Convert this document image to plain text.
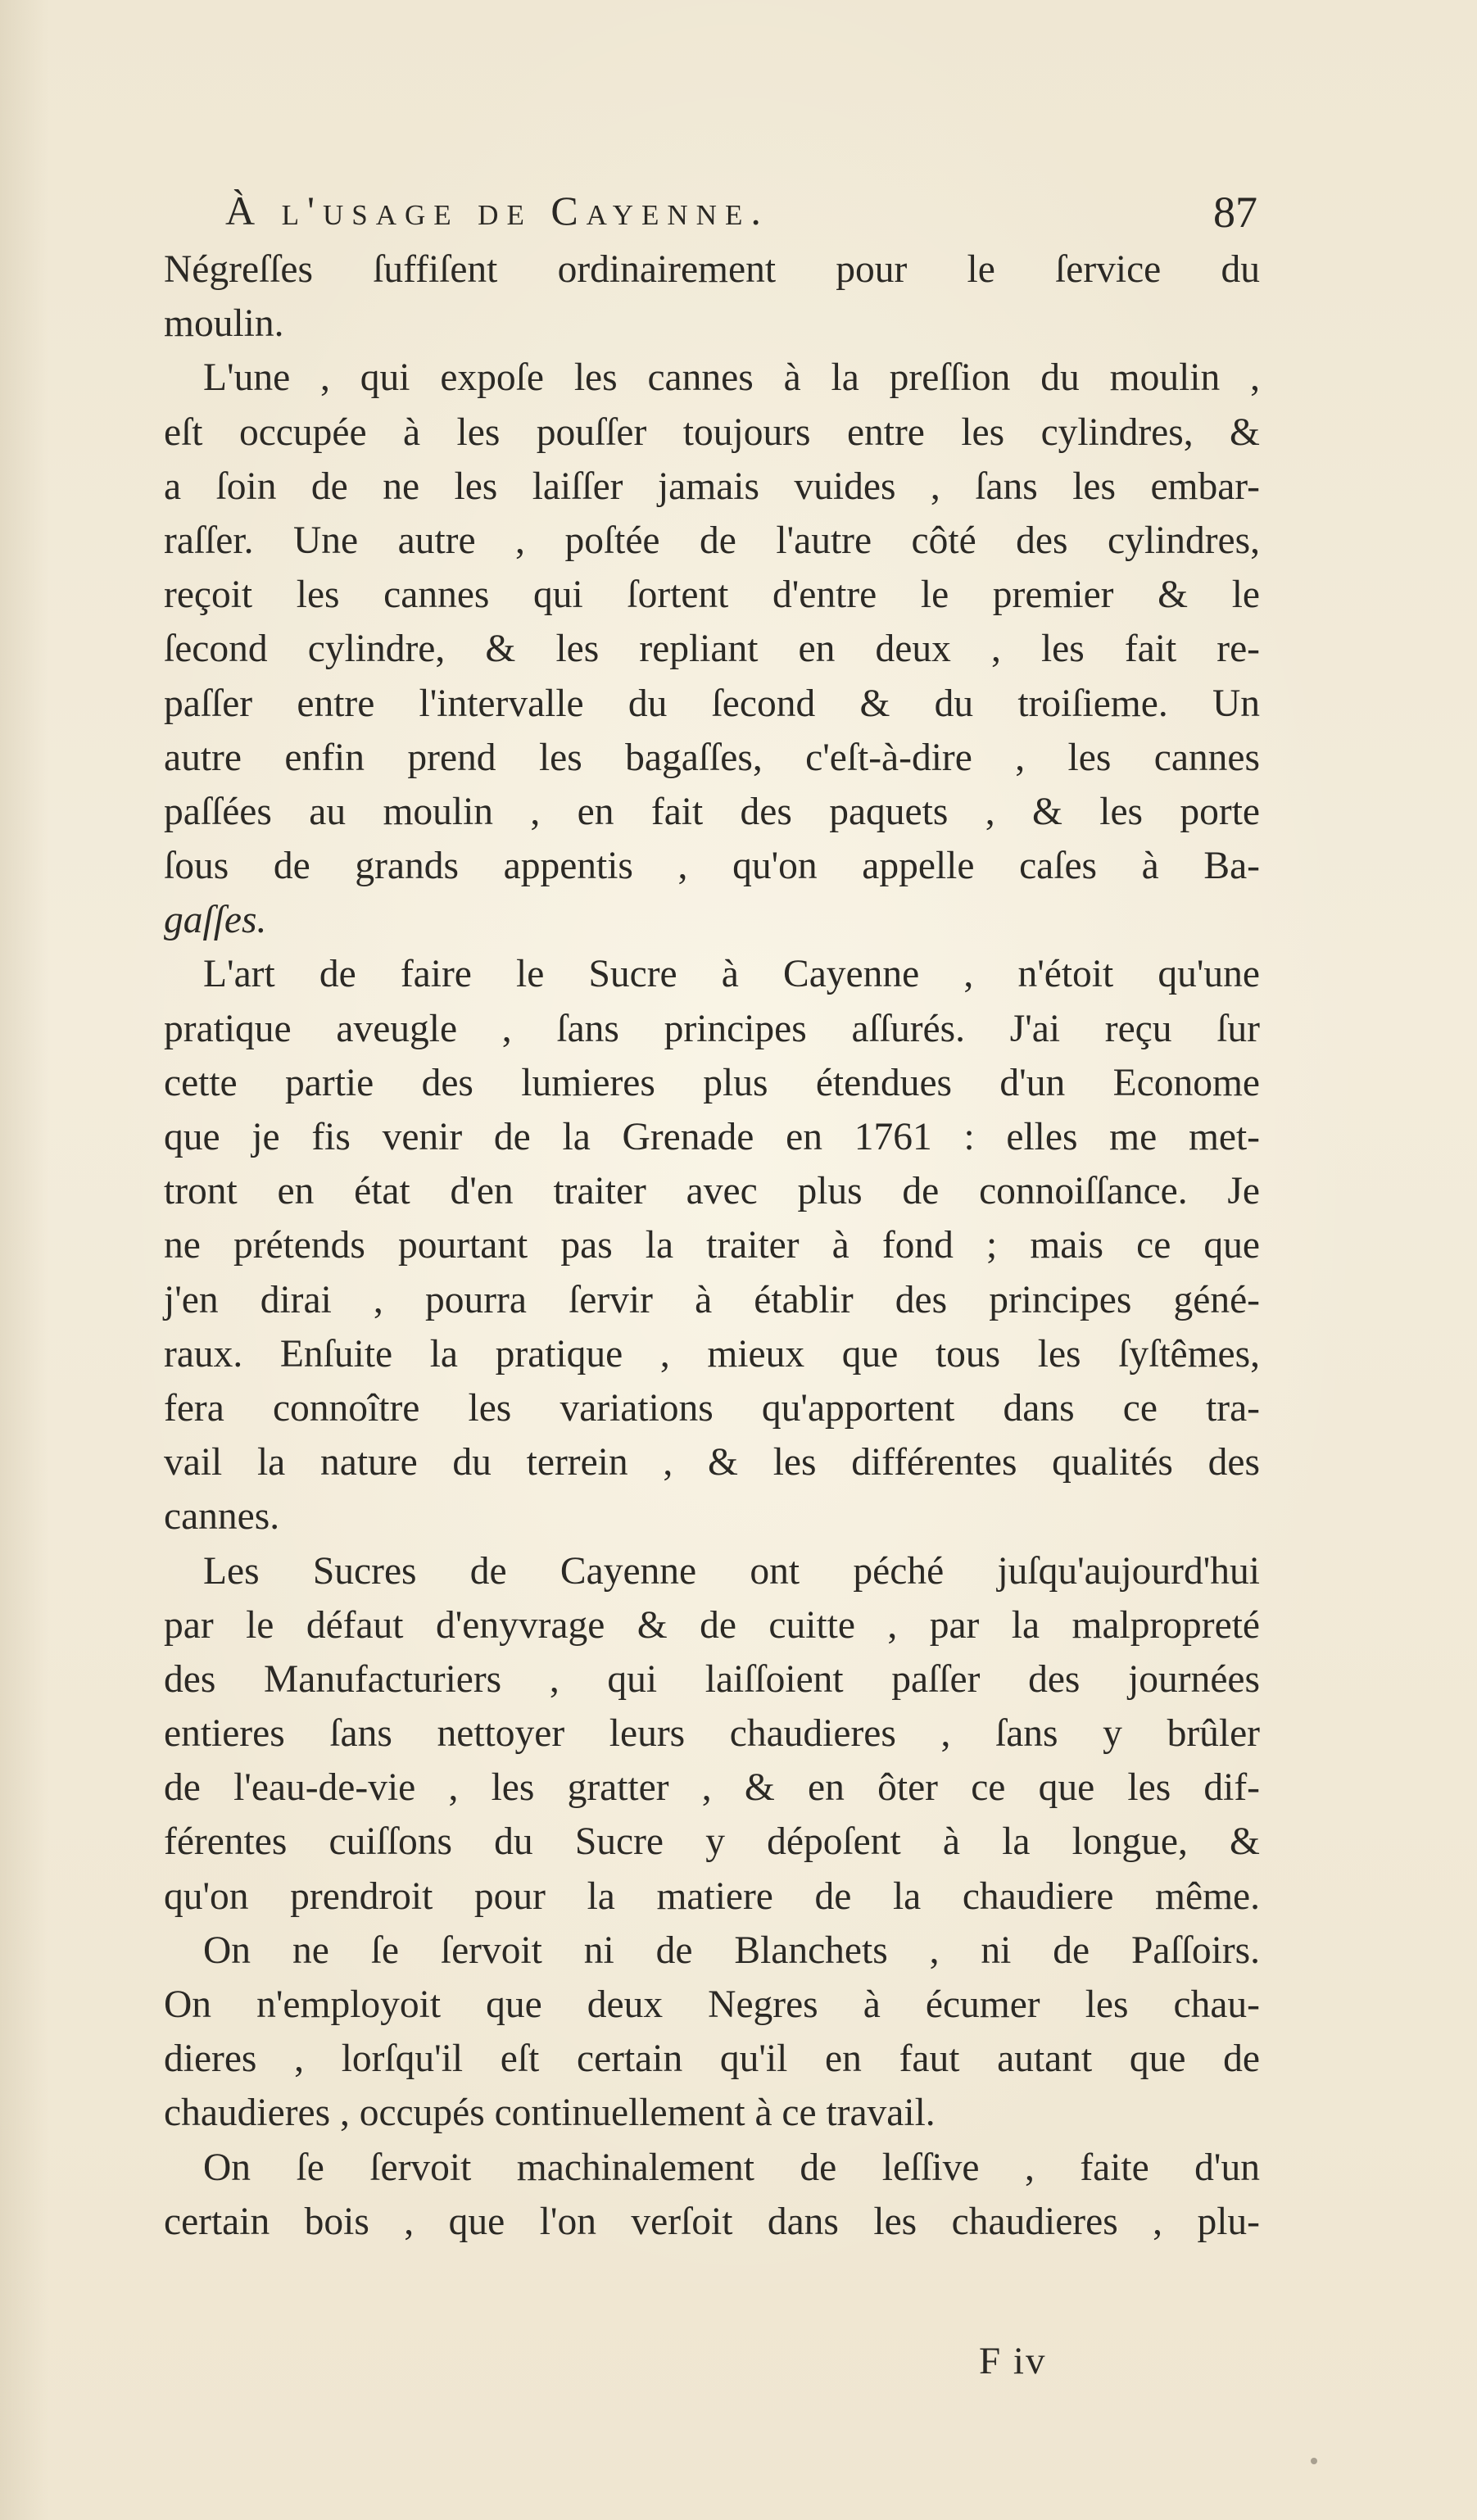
À l'usage de Cayenne.	87
Négreſſes ſuffiſent ordinairement pour le ſervice du
moulin.
L'une , qui expoſe les cannes à la preſſion du moulin ,
eſt occupée à les pouſſer toujours entre les cylindres, &
a ſoin de ne les laiſſer jamais vuides , ſans les embar-
raſſer. Une autre , poſtée de l'autre côté des cylindres,
reçoit les cannes qui ſortent d'entre le premier & le
ſecond cylindre, & les repliant en deux , les fait re-
paſſer entre l'intervalle du ſecond & du troiſieme. Un
autre enfin prend les bagaſſes, c'eſt-à-dire , les cannes
paſſées au moulin , en fait des paquets , & les porte
ſous de grands appentis , qu'on appelle caſes à Ba-
gaſſes.
L'art de faire le Sucre à Cayenne , n'étoit qu'une
pratique aveugle , ſans principes aſſurés. J'ai reçu ſur
cette partie des lumieres plus étendues d'un Econome
que je fis venir de la Grenade en 1761 : elles me met-
tront en état d'en traiter avec plus de connoiſſance. Je
ne prétends pourtant pas la traiter à fond ; mais ce que
j'en dirai , pourra ſervir à établir des principes géné-
raux. Enſuite la pratique , mieux que tous les ſyſtêmes,
fera connoître les variations qu'apportent dans ce tra-
vail la nature du terrein , & les différentes qualités des
cannes.
Les Sucres de Cayenne ont péché juſqu'aujourd'hui
par le défaut d'enyvrage & de cuitte , par la malpropreté
des Manufacturiers , qui laiſſoient paſſer des journées
entieres ſans nettoyer leurs chaudieres , ſans y brûler
de l'eau-de-vie , les gratter , & en ôter ce que les dif-
férentes cuiſſons du Sucre y dépoſent à la longue, &
qu'on prendroit pour la matiere de la chaudiere même.
On ne ſe ſervoit ni de Blanchets , ni de Paſſoirs.
On n'employoit que deux Negres à écumer les chau-
dieres , lorſqu'il eſt certain qu'il en faut autant que de
chaudieres , occupés continuellement à ce travail.
On ſe ſervoit machinalement de leſſive , faite d'un
certain bois , que l'on verſoit dans les chaudieres , plu-
F iv
